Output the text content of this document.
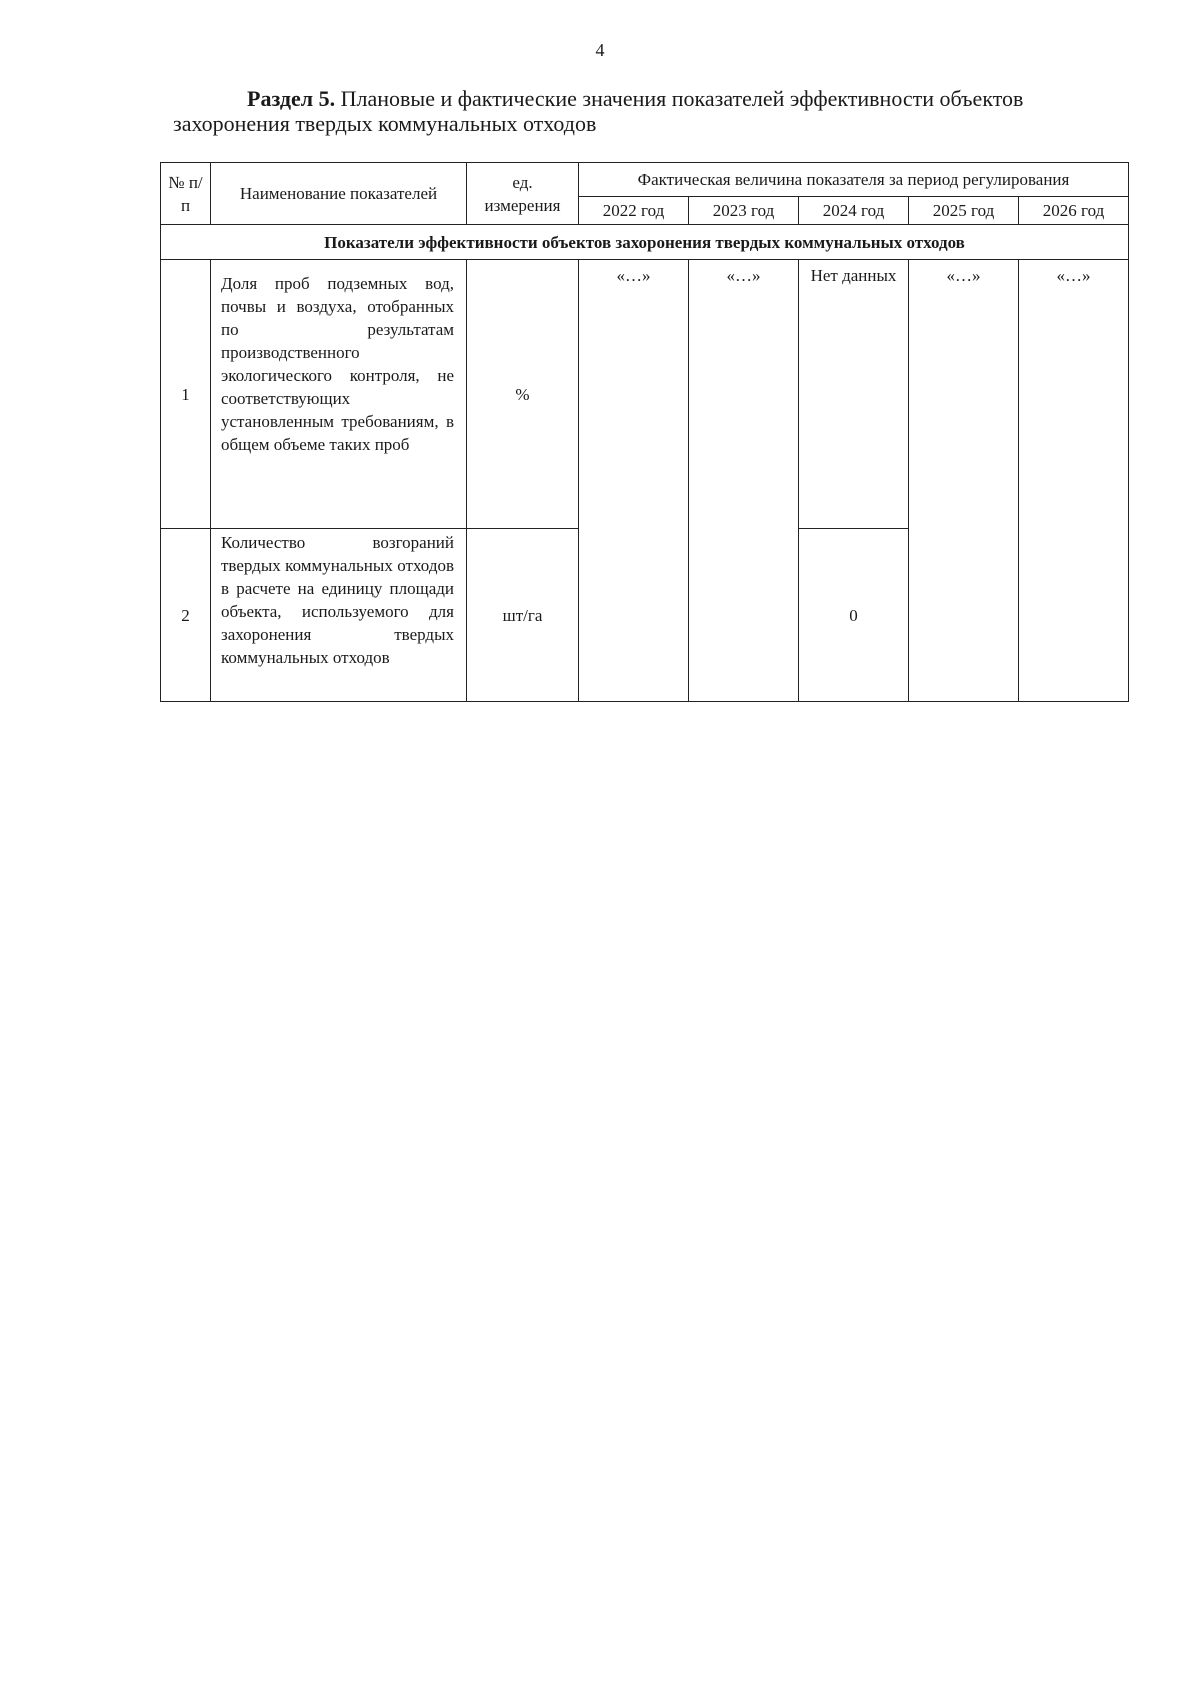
4
Раздел 5. Плановые и фактические значения показателей эффективности объектов захоронения твердых коммунальных отходов
№ п/п	Наименование показателей	ед. измерения	Фактическая величина показателя за период регулирования				
			2022 год	2023 год	2024 год	2025 год	2026 год
Показатели эффективности объектов захоронения твердых коммунальных отходов							
1	Доля проб подземных вод, почвы и воздуха, отобранных по результатам производственного экологического контроля, не соответствующих установленным требованиям, в общем объеме таких проб	%	«…»	«…»	Нет данных	«…»	«…»
2	Количество возгораний твердых коммунальных отходов в расчете на единицу площади объекта, используемого для захоронения твердых коммунальных отходов	шт/га			0		
